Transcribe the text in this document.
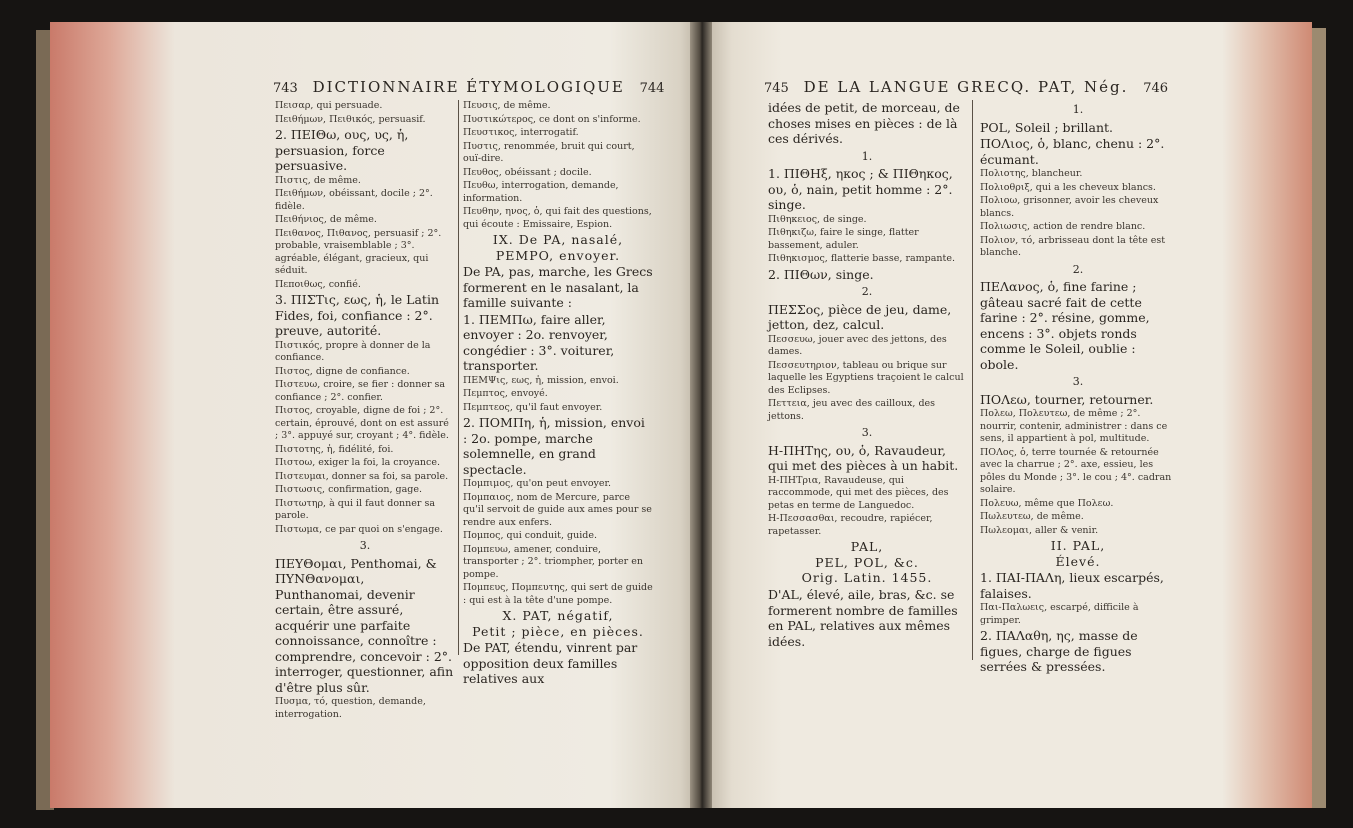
743 DICTIONNAIRE ÉTYMOLOGIQUE 744	745 DE LA LANGUE GRECQ. PAT, Nég. 746

Πεισαρ, qui persuade.

Πειθήμων, Πειθικός, persuasif.

2. ΠΕΙΘω, ους, υς, ἡ, persuasion, force persuasive.

Πιστις, de même.

Πειθήμων, obéissant, docile ; 2°. fidèle.

Πειθήνιος, de même.

Πειθανος, Πιθανος, persuasif ; 2°. probable, vraisemblable ; 3°. agréable, élégant, gracieux, qui séduit.

Πεποιθως, confié.

3. ΠΙΣΤις, εως, ἡ, le Latin Fides, foi, confiance : 2°. preuve, autorité.

Πιστικός, propre à donner de la confiance.

Πιστος, digne de confiance.

Πιστευω, croire, se fier : donner sa confiance ; 2°. confier.

Πιστος, croyable, digne de foi ; 2°. certain, éprouvé, dont on est assuré ; 3°. appuyé sur, croyant ; 4°. fidèle.

Πιστοτης, ἡ, fidélité, foi.

Πιστοω, exiger la foi, la croyance.

Πιστευμαι, donner sa foi, sa parole.

Πιστωσις, confirmation, gage.

Πιστωτηρ, à qui il faut donner sa parole.

Πιστωμα, ce par quoi on s'engage.

3.

ΠΕΥΘομαι, Penthomai, & ΠΥΝΘανομαι, Punthanomai, devenir certain, être assuré, acquérir une parfaite connoissance, connoître : comprendre, concevoir : 2°. interroger, questionner, afin d'être plus sûr.

Πυσμα, τό, question, demande, interrogation.

Πευσις, de même.

Πυστικώτερος, ce dont on s'informe.

Πευστικος, interrogatif.

Πυστις, renommée, bruit qui court, ouï-dire.

Πευθος, obéissant ; docile.

Πευθω, interrogation, demande, information.

Πευθην, ηνος, ὁ, qui fait des questions, qui écoute : Emissaire, Espion.

IX. De PA, nasalé,

PEMPO, envoyer.

De PA, pas, marche, les Grecs formerent en le nasalant, la famille suivante :

1. ΠΕΜΠω, faire aller, envoyer : 2o. renvoyer, congédier : 3°. voiturer, transporter.

ΠΕΜΨις, εως, ἡ, mission, envoi.

Πεμπτος, envoyé.

Πεμπτεος, qu'il faut envoyer.

2. ΠΟΜΠη, ἡ, mission, envoi : 2o. pompe, marche solemnelle, en grand spectacle.

Πομπιμος, qu'on peut envoyer.

Πομπαιος, nom de Mercure, parce qu'il servoit de guide aux ames pour se rendre aux enfers.

Πομπος, qui conduit, guide.

Πομπευω, amener, conduire, transporter ; 2°. triompher, porter en pompe.

Πομπευς, Πομπευτης, qui sert de guide : qui est à la tête d'une pompe.

X. PAT, négatif,

Petit ; pièce, en pièces.

De PAT, étendu, vinrent par opposition deux familles relatives aux

idées de petit, de morceau, de choses mises en pièces : de là ces dérivés.

1.

1. ΠΙΘΗξ, ηκος ; & ΠΙΘηκος, ου, ὁ, nain, petit homme : 2°. singe.

Πιθηκειος, de singe.

Πιθηκιζω, faire le singe, flatter bassement, aduler.

Πιθηκισμος, flatterie basse, rampante.

2. ΠΙΘων, singe.

2.

ΠΕΣΣος, pièce de jeu, dame, jetton, dez, calcul.

Πεσσευω, jouer avec des jettons, des dames.

Πεσσευτηριον, tableau ou brique sur laquelle les Egyptiens traçoient le calcul des Eclipses.

Πεττεια, jeu avec des cailloux, des jettons.

3.

Η-ΠΗΤης, ου, ὁ, Ravaudeur, qui met des pièces à un habit.

Η-ΠΗΤρια, Ravaudeuse, qui raccommode, qui met des pièces, des petas en terme de Languedoc.

Η-Πεσσασθαι, recoudre, rapiécer, rapetasser.

PAL,

PEL, POL, &c.

Orig. Latin. 1455.

D'AL, élevé, aile, bras, &c. se formerent nombre de familles en PAL, relatives aux mêmes idées.

1.

POL, Soleil ; brillant.

ΠΟΛιος, ὁ, blanc, chenu : 2°. écumant.

Πολιοτης, blancheur.

Πολιοθριξ, qui a les cheveux blancs.

Πολιοω, grisonner, avoir les cheveux blancs.

Πολιωσις, action de rendre blanc.

Πολιον, τό, arbrisseau dont la tête est blanche.

2.

ΠΕΛανος, ὁ, fine farine ; gâteau sacré fait de cette farine : 2°. résine, gomme, encens : 3°. objets ronds comme le Soleil, oublie : obole.

3.

ΠΟΛεω, tourner, retourner.

Πολεω, Πολευτεω, de même ; 2°. nourrir, contenir, administrer : dans ce sens, il appartient à pol, multitude.

ΠΟΛος, ὁ, terre tournée & retournée avec la charrue ; 2°. axe, essieu, les pôles du Monde ; 3°. le cou ; 4°. cadran solaire.

Πολευω, même que Πολεω.

Πωλευτεω, de même.

Πωλεομαι, aller & venir.

II. PAL,

Élevé.

1. ΠΑΙ-ΠΑΛη, lieux escarpés, falaises.

Παι-Παλωεις, escarpé, difficile à grimper.

2. ΠΑΛαθη, ης, masse de figues, charge de figues serrées & pressées.
